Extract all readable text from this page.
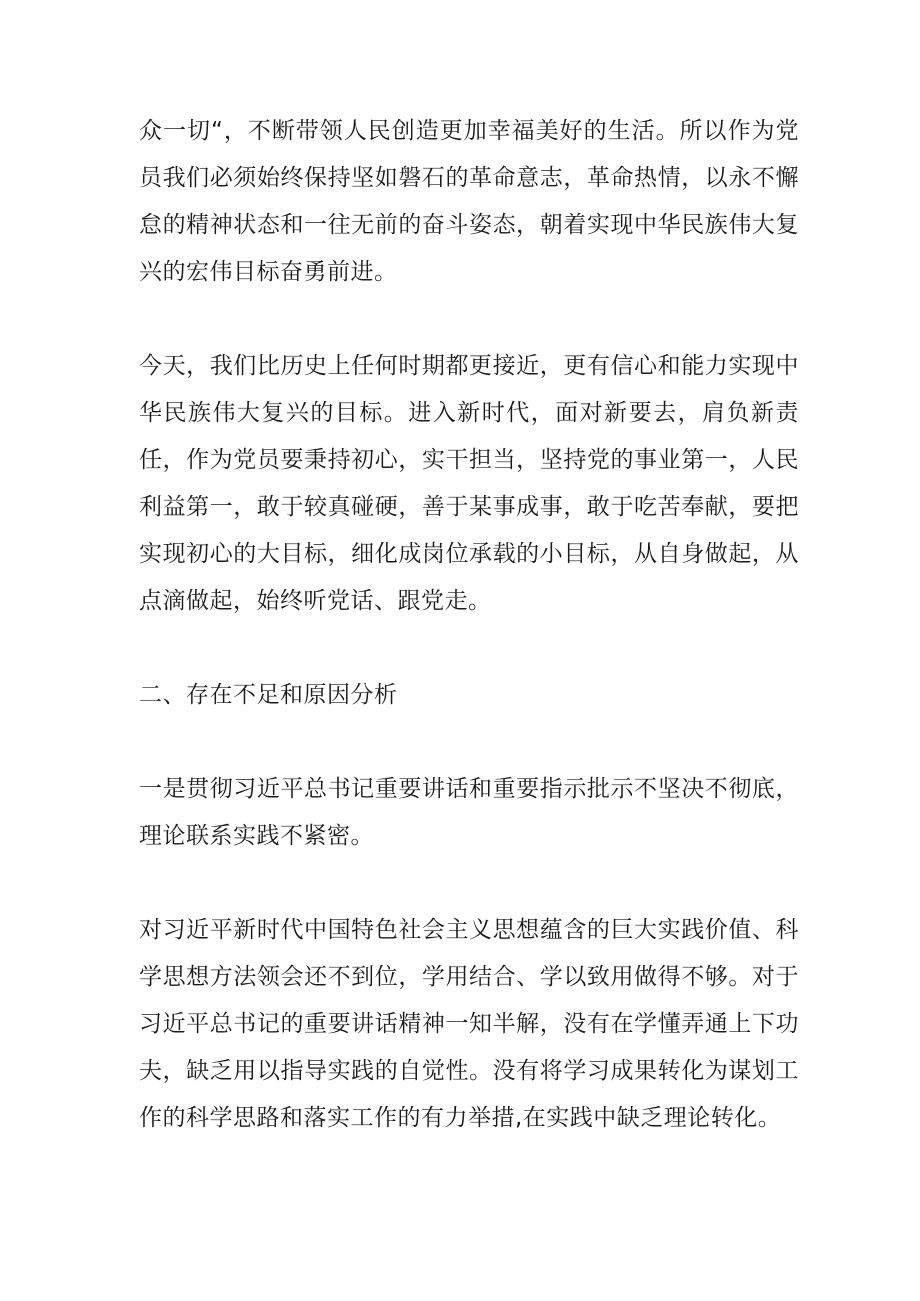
众一切“，不断带领人民创造更加幸福美好的生活。所以作为党员我们必须始终保持坚如磐石的革命意志，革命热情，以永不懈怠的精神状态和一往无前的奋斗姿态，朝着实现中华民族伟大复兴的宏伟目标奋勇前进。

今天，我们比历史上任何时期都更接近，更有信心和能力实现中华民族伟大复兴的目标。进入新时代，面对新要去，肩负新责任，作为党员要秉持初心，实干担当，坚持党的事业第一，人民利益第一，敢于较真碰硬，善于某事成事，敢于吃苦奉献，要把实现初心的大目标，细化成岗位承载的小目标，从自身做起，从点滴做起，始终听党话、跟党走。

二、存在不足和原因分析

一是贯彻习近平总书记重要讲话和重要指示批示不坚决不彻底，理论联系实践不紧密。

对习近平新时代中国特色社会主义思想蕴含的巨大实践价值、科学思想方法领会还不到位，学用结合、学以致用做得不够。对于习近平总书记的重要讲话精神一知半解，没有在学懂弄通上下功夫，缺乏用以指导实践的自觉性。没有将学习成果转化为谋划工作的科学思路和落实工作的有力举措,在实践中缺乏理论转化。
